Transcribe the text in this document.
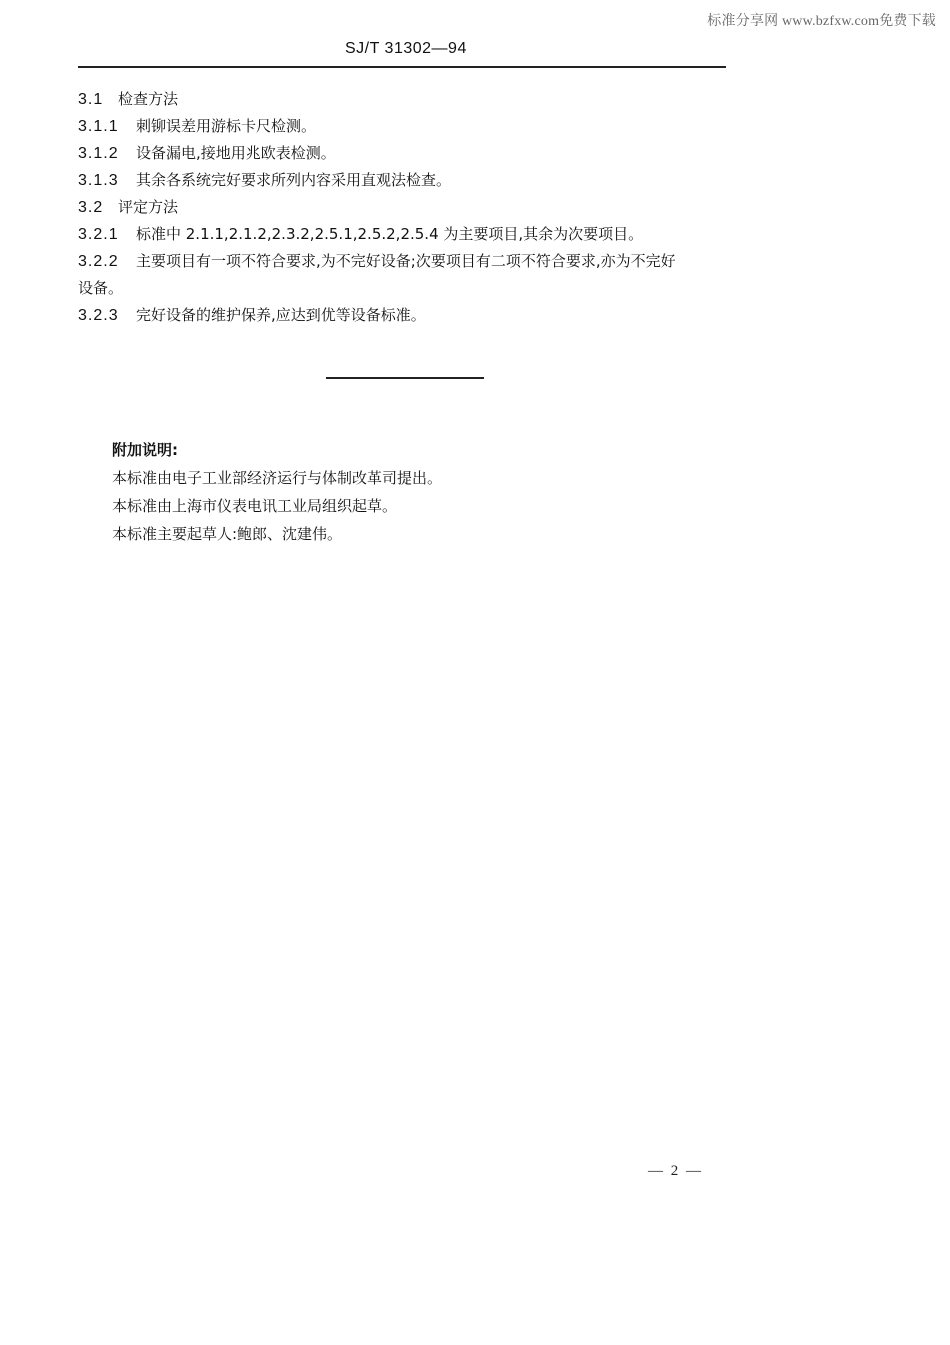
标准分享网 www.bzfxw.com免费下载
SJ/T 31302—94
3.1 检查方法
3.1.1 刺铆误差用游标卡尺检测。
3.1.2 设备漏电,接地用兆欧表检测。
3.1.3 其余各系统完好要求所列内容采用直观法检查。
3.2 评定方法
3.2.1 标准中 2.1.1,2.1.2,2.3.2,2.5.1,2.5.2,2.5.4 为主要项目,其余为次要项目。
3.2.2 主要项目有一项不符合要求,为不完好设备;次要项目有二项不符合要求,亦为不完好
设备。
3.2.3 完好设备的维护保养,应达到优等设备标准。
附加说明:
本标准由电子工业部经济运行与体制改革司提出。
本标准由上海市仪表电讯工业局组织起草。
本标准主要起草人:鲍郎、沈建伟。
— 2 —
